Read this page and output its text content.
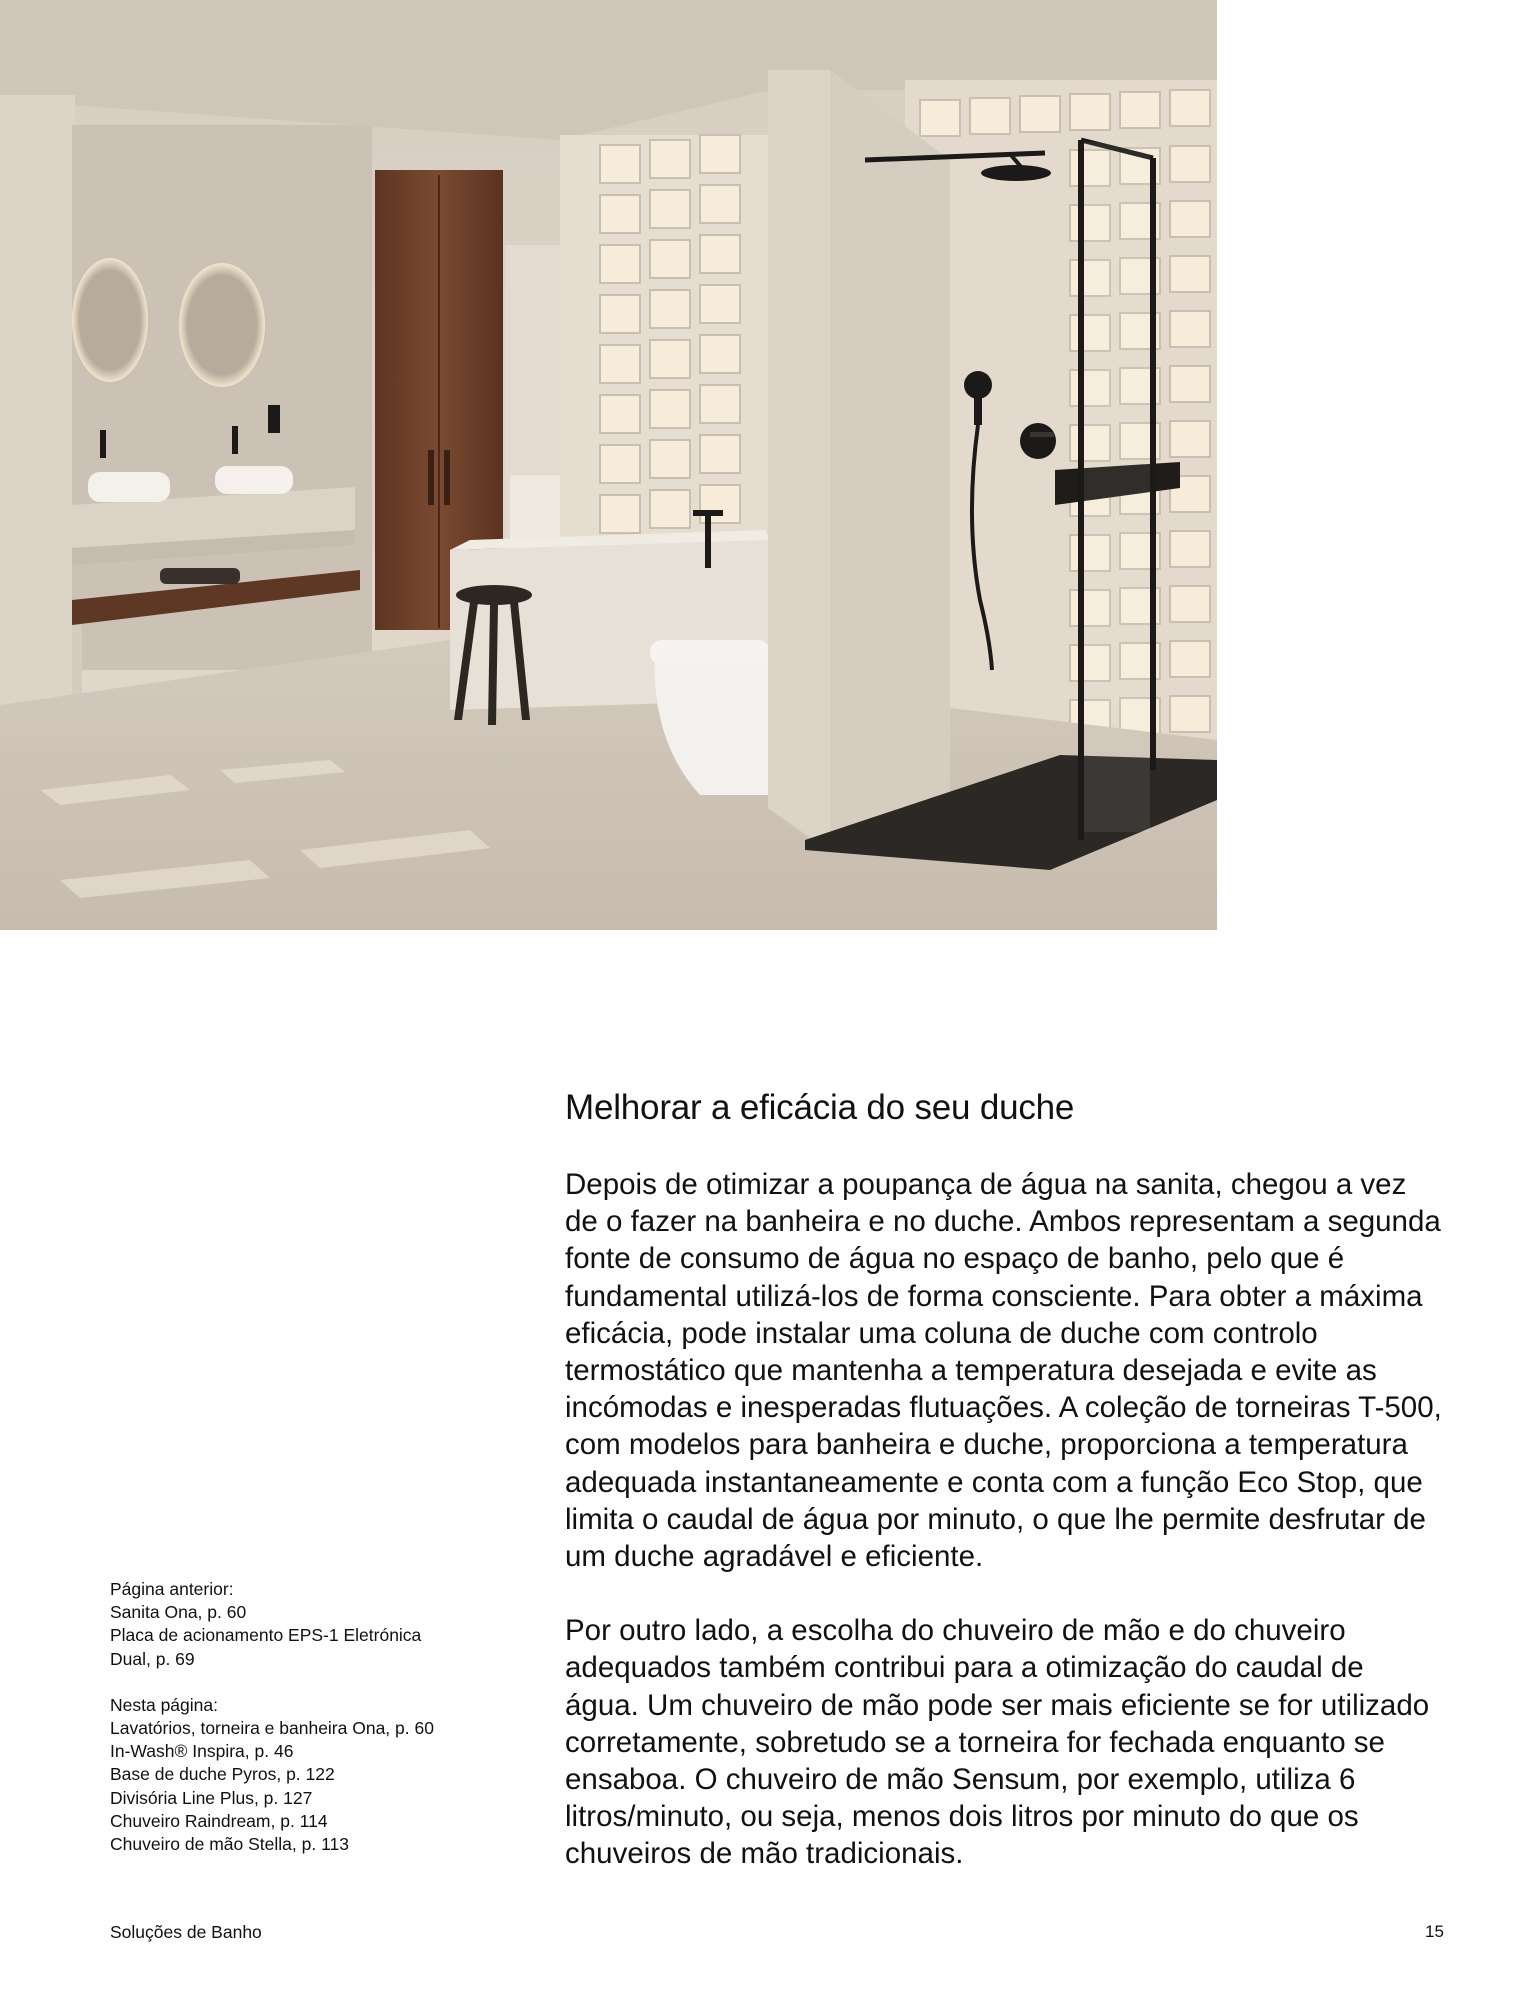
Melhorar a eficácia do seu duche

Depois de otimizar a poupança de água na sanita, chegou a vez de o fazer na banheira e no duche. Ambos representam a segunda fonte de consumo de água no espaço de banho, pelo que é fundamental utilizá-los de forma consciente. Para obter a máxima eficácia, pode instalar uma coluna de duche com controlo termostático que mantenha a temperatura desejada e evite as incómodas e inesperadas flutuações. A coleção de torneiras T-500, com modelos para banheira e duche, proporciona a temperatura adequada instantaneamente e conta com a função Eco Stop, que limita o caudal de água por minuto, o que lhe permite desfrutar de um duche agradável e eficiente.

Por outro lado, a escolha do chuveiro de mão e do chuveiro adequados também contribui para a otimização do caudal de água. Um chuveiro de mão pode ser mais eficiente se for utilizado corretamente, sobretudo se a torneira for fechada enquanto se ensaboa. O chuveiro de mão Sensum, por exemplo, utiliza 6 litros/minuto, ou seja, menos dois litros por minuto do que os chuveiros de mão tradicionais.

Página anterior:
Sanita Ona, p. 60
Placa de acionamento EPS-1 Eletrónica
Dual, p. 69
Nesta página:
Lavatórios, torneira e banheira Ona, p. 60
In-Wash® Inspira, p. 46
Base de duche Pyros, p. 122
Divisória Line Plus, p. 127
Chuveiro Raindream, p. 114
Chuveiro de mão Stella, p. 113
Soluções de Banho	15
